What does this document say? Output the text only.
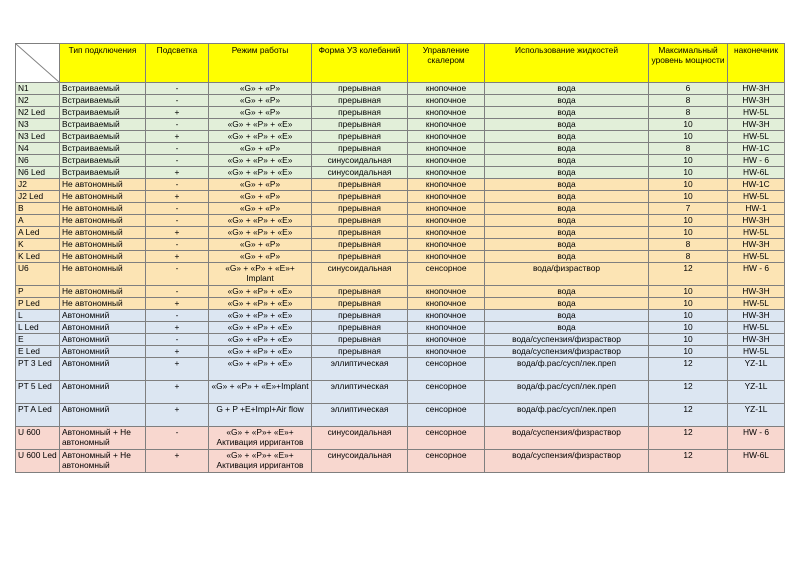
	Тип подключения	Подсветка	Режим работы	Форма УЗ колебаний	Управление скалером	Использование жидкостей	Максимальный уровень мощности	наконечник
N1	Встраиваемый	-	«G» + «P»	прерывная	кнопочное	вода	6	HW-3H
N2	Встраиваемый	-	«G» + «P»	прерывная	кнопочное	вода	8	HW-3H
N2 Led	Встраиваемый	+	«G» + «P»	прерывная	кнопочное	вода	8	HW-5L
N3	Встраиваемый	-	«G» + «P» + «E»	прерывная	кнопочное	вода	10	HW-3H
N3 Led	Встраиваемый	+	«G» + «P» + «E»	прерывная	кнопочное	вода	10	HW-5L
N4	Встраиваемый	-	«G» + «P»	прерывная	кнопочное	вода	8	HW-1C
N6	Встраиваемый	-	«G» + «P» + «E»	синусоидальная	кнопочное	вода	10	HW - 6
N6 Led	Встраиваемый	+	«G» + «P» + «E»	синусоидальная	кнопочное	вода	10	HW-6L
J2	Не автономный	-	«G» + «P»	прерывная	кнопочное	вода	10	HW-1C
J2 Led	Не автономный	+	«G» + «P»	прерывная	кнопочное	вода	10	HW-5L
B	Не автономный	-	«G» + «P»	прерывная	кнопочное	вода	7	HW-1
A	Не автономный	-	«G» + «P» + «E»	прерывная	кнопочное	вода	10	HW-3H
A Led	Не автономный	+	«G» + «P» + «E»	прерывная	кнопочное	вода	10	HW-5L
K	Не автономный	-	«G» + «P»	прерывная	кнопочное	вода	8	HW-3H
K Led	Не автономный	+	«G» + «P»	прерывная	кнопочное	вода	8	HW-5L
U6	Не автономный	-	«G» + «P» + «E»+ Implant	синусоидальная	сенсорное	вода/физраствор	12	HW - 6
P	Не автономный	-	«G» + «P» + «E»	прерывная	кнопочное	вода	10	HW-3H
P Led	Не автономный	+	«G» + «P» + «E»	прерывная	кнопочное	вода	10	HW-5L
L	Автономний	-	«G» + «P» + «E»	прерывная	кнопочное	вода	10	HW-3H
L Led	Автономний	+	«G» + «P» + «E»	прерывная	кнопочное	вода	10	HW-5L
E	Автономний	-	«G» + «P» + «E»	прерывная	кнопочное	вода/суспензия/физраствор	10	HW-3H
E Led	Автономний	+	«G» + «P» + «E»	прерывная	кнопочное	вода/суспензия/физраствор	10	HW-5L
PT 3 Led	Автономний	+	«G» + «P» + «E»	эллиптическая	сенсорное	вода/ф.рас/сусп/лек.преп	12	YZ-1L
PT 5 Led	Автономний	+	«G» + «P» + «E»+Implant	эллиптическая	сенсорное	вода/ф.рас/сусп/лек.преп	12	YZ-1L
PT A Led	Автономний	+	G + P +E+Impl+Air flow	эллиптическая	сенсорное	вода/ф.рас/сусп/лек.преп	12	YZ-1L
U 600	Автономный + Не автономный	-	«G» + «P»+ «E»+ Активация ирригантов	синусоидальная	сенсорное	вода/суспензия/физраствор	12	HW - 6
U 600 Led	Автономный + Не автономный	+	«G» + «P»+ «E»+ Активация ирригантов	синусоидальная	сенсорное	вода/суспензия/физраствор	12	HW-6L
